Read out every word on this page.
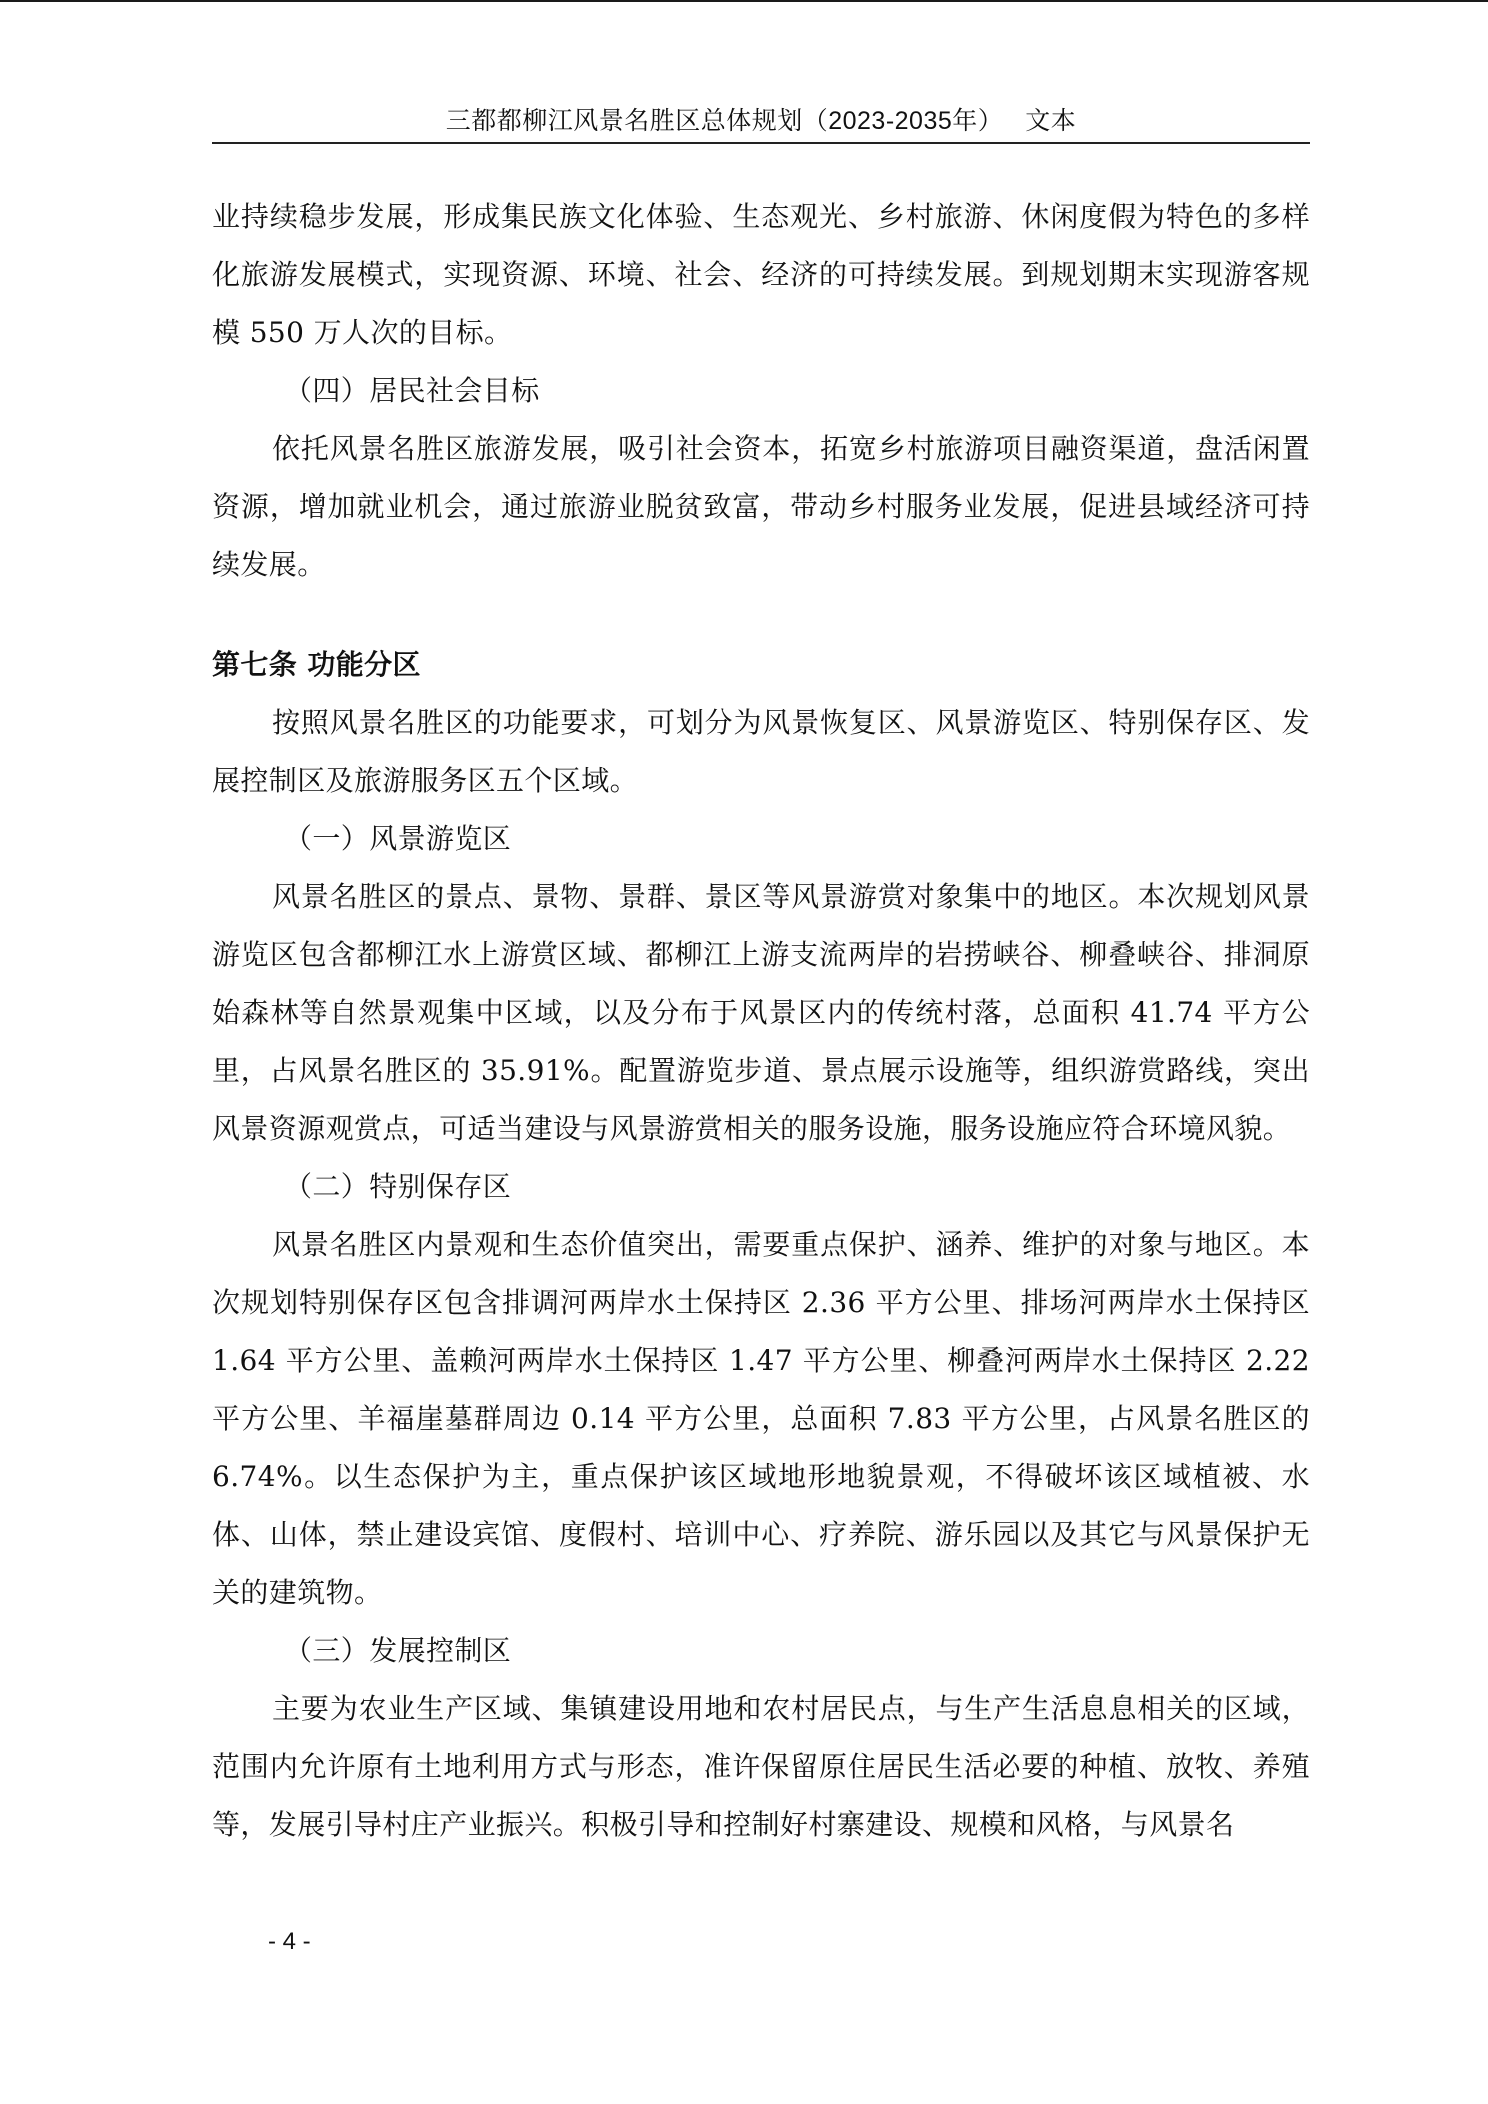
三都都柳江风景名胜区总体规划（2023-2035年） 文本

业持续稳步发展，形成集民族文化体验、生态观光、乡村旅游、休闲度假为特色的多样化旅游发展模式，实现资源、环境、社会、经济的可持续发展。到规划期末实现游客规模 550 万人次的目标。

（四）居民社会目标

依托风景名胜区旅游发展，吸引社会资本，拓宽乡村旅游项目融资渠道，盘活闲置资源，增加就业机会，通过旅游业脱贫致富，带动乡村服务业发展，促进县域经济可持续发展。

第七条 功能分区

按照风景名胜区的功能要求，可划分为风景恢复区、风景游览区、特别保存区、发展控制区及旅游服务区五个区域。

（一）风景游览区

风景名胜区的景点、景物、景群、景区等风景游赏对象集中的地区。本次规划风景游览区包含都柳江水上游赏区域、都柳江上游支流两岸的岩捞峡谷、柳叠峡谷、排洞原始森林等自然景观集中区域，以及分布于风景区内的传统村落，总面积 41.74 平方公里，占风景名胜区的 35.91%。配置游览步道、景点展示设施等，组织游赏路线，突出风景资源观赏点，可适当建设与风景游赏相关的服务设施，服务设施应符合环境风貌。

（二）特别保存区

风景名胜区内景观和生态价值突出，需要重点保护、涵养、维护的对象与地区。本次规划特别保存区包含排调河两岸水土保持区 2.36 平方公里、排场河两岸水土保持区 1.64 平方公里、盖赖河两岸水土保持区 1.47 平方公里、柳叠河两岸水土保持区 2.22 平方公里、羊福崖墓群周边 0.14 平方公里，总面积 7.83 平方公里，占风景名胜区的 6.74%。以生态保护为主，重点保护该区域地形地貌景观，不得破坏该区域植被、水体、山体，禁止建设宾馆、度假村、培训中心、疗养院、游乐园以及其它与风景保护无关的建筑物。

（三）发展控制区

主要为农业生产区域、集镇建设用地和农村居民点，与生产生活息息相关的区域，范围内允许原有土地利用方式与形态，准许保留原住居民生活必要的种植、放牧、养殖等，发展引导村庄产业振兴。积极引导和控制好村寨建设、规模和风格，与风景名

- 4 -
